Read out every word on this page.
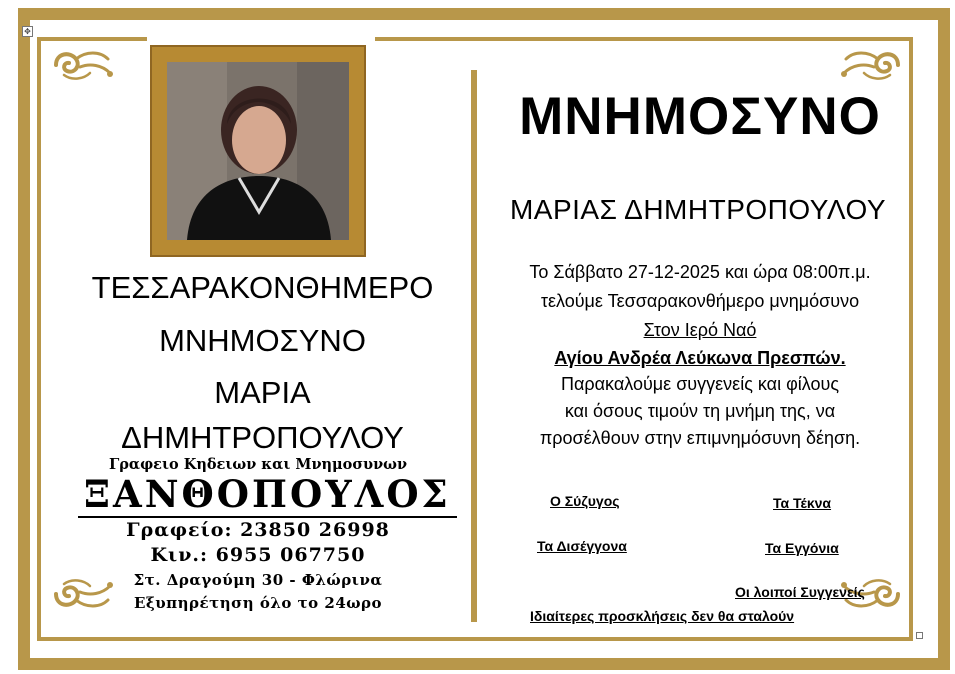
✥
ΤΕΣΣΑΡΑΚΟΝΘΗΜΕΡΟ
ΜΝΗΜΟΣΥΝΟ
ΜΑΡΙΑ
ΔΗΜΗΤΡΟΠΟΥΛΟΥ
Γραφειο Κηδειων και Μνημοσυνων
ΞΑΝΘΟΠΟΥΛΟΣ
Γραφείο: 23850 26998
Κιν.: 6955 067750
Στ. Δραγούμη 30 - Φλώρινα
Εξυπηρέτηση όλο το 24ωρο
ΜΝΗΜΟΣΥΝΟ
ΜΑΡΙΑΣ ΔΗΜΗΤΡΟΠΟΥΛΟΥ
Το Σάββατο 27-12-2025 και ώρα 08:00π.μ.
τελούμε Τεσσαρακονθήμερο μνημόσυνο
Στον Ιερό Ναό
Αγίου Ανδρέα Λεύκωνα Πρεσπών.
Παρακαλούμε συγγενείς και φίλους
και όσους τιμούν τη μνήμη της, να
προσέλθουν στην επιμνημόσυνη δέηση.
Ο Σύζυγος	Τα Τέκνα
Τα Δισέγγονα	Τα Εγγόνια
Οι λοιποί Συγγενείς
Ιδιαίτερες προσκλήσεις δεν θα σταλούν
